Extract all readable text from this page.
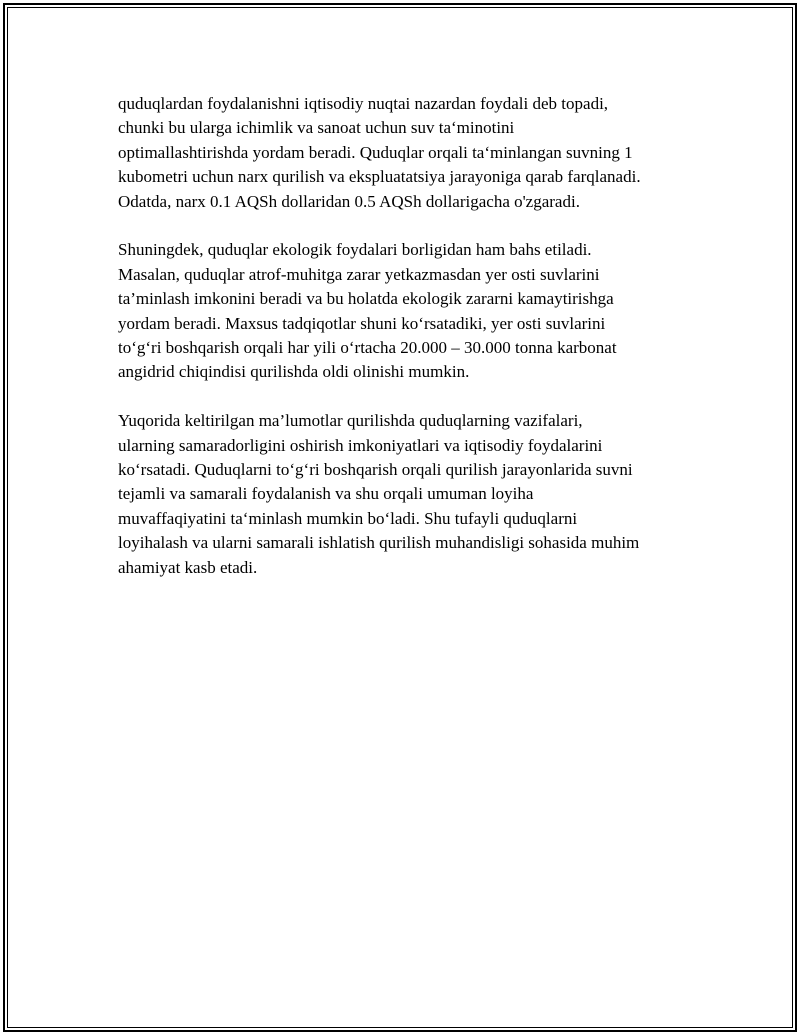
quduqlardan foydalanishni iqtisodiy nuqtai nazardan foydali deb topadi,
chunki bu ularga ichimlik va sanoat uchun suv ta‘minotini
optimallashtirishda yordam beradi. Quduqlar orqali ta‘minlangan suvning 1
kubometri uchun narx qurilish va ekspluatatsiya jarayoniga qarab farqlanadi.
Odatda, narx 0.1 AQSh dollaridan 0.5 AQSh dollarigacha o'zgaradi.

Shuningdek, quduqlar ekologik foydalari borligidan ham bahs etiladi.
Masalan, quduqlar atrof-muhitga zarar yetkazmasdan yer osti suvlarini
ta’minlash imkonini beradi va bu holatda ekologik zararni kamaytirishga
yordam beradi. Maxsus tadqiqotlar shuni ko‘rsatadiki, yer osti suvlarini
to‘g‘ri boshqarish orqali har yili o‘rtacha 20.000 – 30.000 tonna karbonat
angidrid chiqindisi qurilishda oldi olinishi mumkin.

Yuqorida keltirilgan ma’lumotlar qurilishda quduqlarning vazifalari,
ularning samaradorligini oshirish imkoniyatlari va iqtisodiy foydalarini
ko‘rsatadi. Quduqlarni to‘g‘ri boshqarish orqali qurilish jarayonlarida suvni
tejamli va samarali foydalanish va shu orqali umuman loyiha
muvaffaqiyatini ta‘minlash mumkin bo‘ladi. Shu tufayli quduqlarni
loyihalash va ularni samarali ishlatish qurilish muhandisligi sohasida muhim
ahamiyat kasb etadi.
